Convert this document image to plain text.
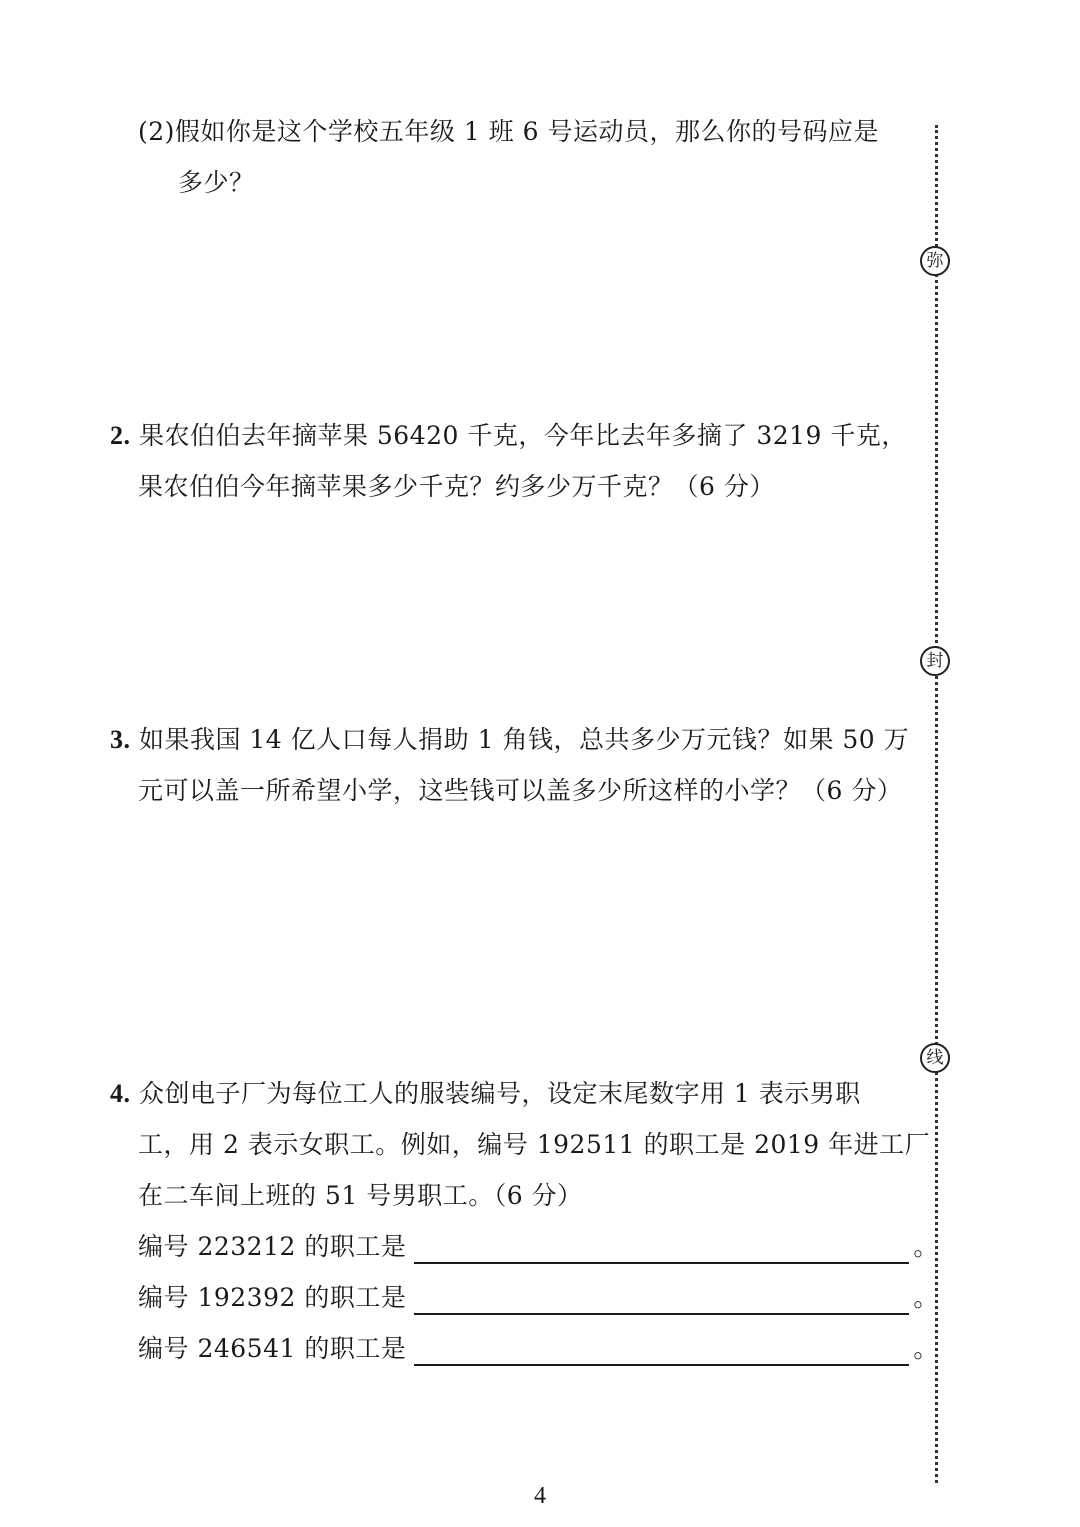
(2)假如你是这个学校五年级 1 班 6 号运动员，那么你的号码应是
多少？
2. 果农伯伯去年摘苹果 56420 千克，今年比去年多摘了 3219 千克，
果农伯伯今年摘苹果多少千克？约多少万千克？（6 分）
3. 如果我国 14 亿人口每人捐助 1 角钱，总共多少万元钱？如果 50 万
元可以盖一所希望小学，这些钱可以盖多少所这样的小学？（6 分）
4. 众创电子厂为每位工人的服装编号，设定末尾数字用 1 表示男职
工，用 2 表示女职工。例如，编号 192511 的职工是 2019 年进工厂
在二车间上班的 51 号男职工。（6 分）
编号 223212 的职工是	。
编号 192392 的职工是	。
编号 246541 的职工是	。
弥
封
线
4
